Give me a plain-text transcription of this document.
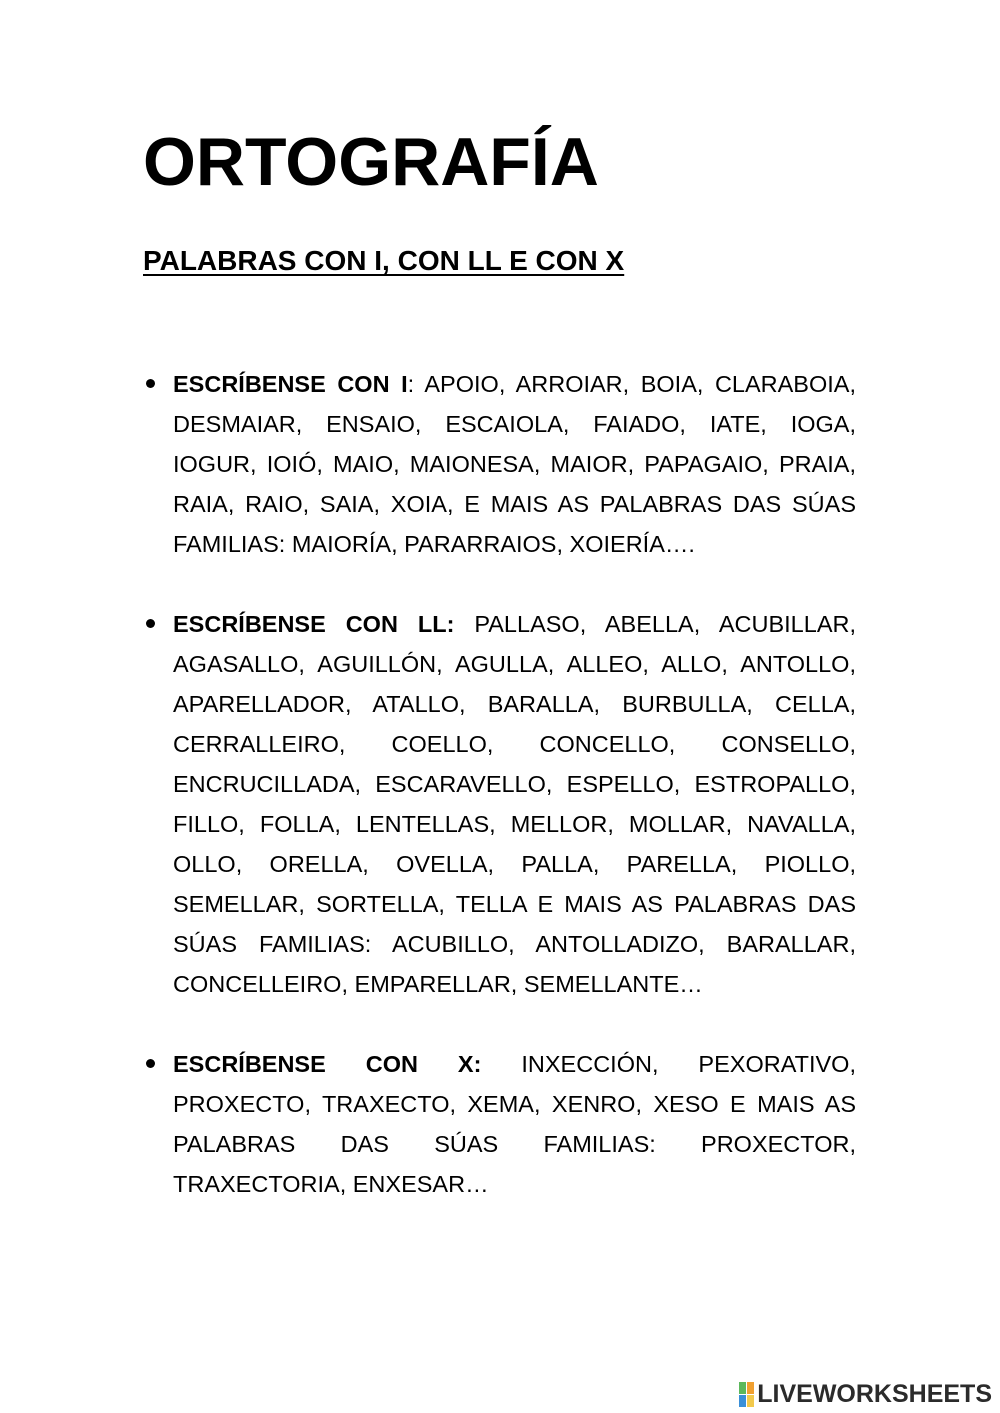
ORTOGRAFÍA
PALABRAS CON I, CON LL E CON X
ESCRÍBENSE CON I: APOIO, ARROIAR, BOIA, CLARABOIA, DESMAIAR, ENSAIO, ESCAIOLA, FAIADO, IATE, IOGA, IOGUR, IOIÓ, MAIO, MAIONESA, MAIOR, PAPAGAIO, PRAIA, RAIA, RAIO, SAIA, XOIA, E MAIS AS PALABRAS DAS SÚAS FAMILIAS: MAIORÍA, PARARRAIOS, XOIERÍA….
ESCRÍBENSE CON LL: PALLASO, ABELLA, ACUBILLAR, AGASALLO, AGUILLÓN, AGULLA, ALLEO, ALLO, ANTOLLO, APARELLADOR, ATALLO, BARALLA, BURBULLA, CELLA, CERRALLEIRO, COELLO, CONCELLO, CONSELLO, ENCRUCILLADA, ESCARAVELLO, ESPELLO, ESTROPALLO, FILLO, FOLLA, LENTELLAS, MELLOR, MOLLAR, NAVALLA, OLLO, ORELLA, OVELLA, PALLA, PARELLA, PIOLLO, SEMELLAR, SORTELLA, TELLA E MAIS AS PALABRAS DAS SÚAS FAMILIAS: ACUBILLO, ANTOLLADIZO, BARALLAR, CONCELLEIRO, EMPARELLAR, SEMELLANTE…
ESCRÍBENSE CON X: INXECCIÓN, PEXORATIVO, PROXECTO, TRAXECTO, XEMA, XENRO, XESO E MAIS AS PALABRAS DAS SÚAS FAMILIAS: PROXECTOR, TRAXECTORIA, ENXESAR…
LIVEWORKSHEETS
